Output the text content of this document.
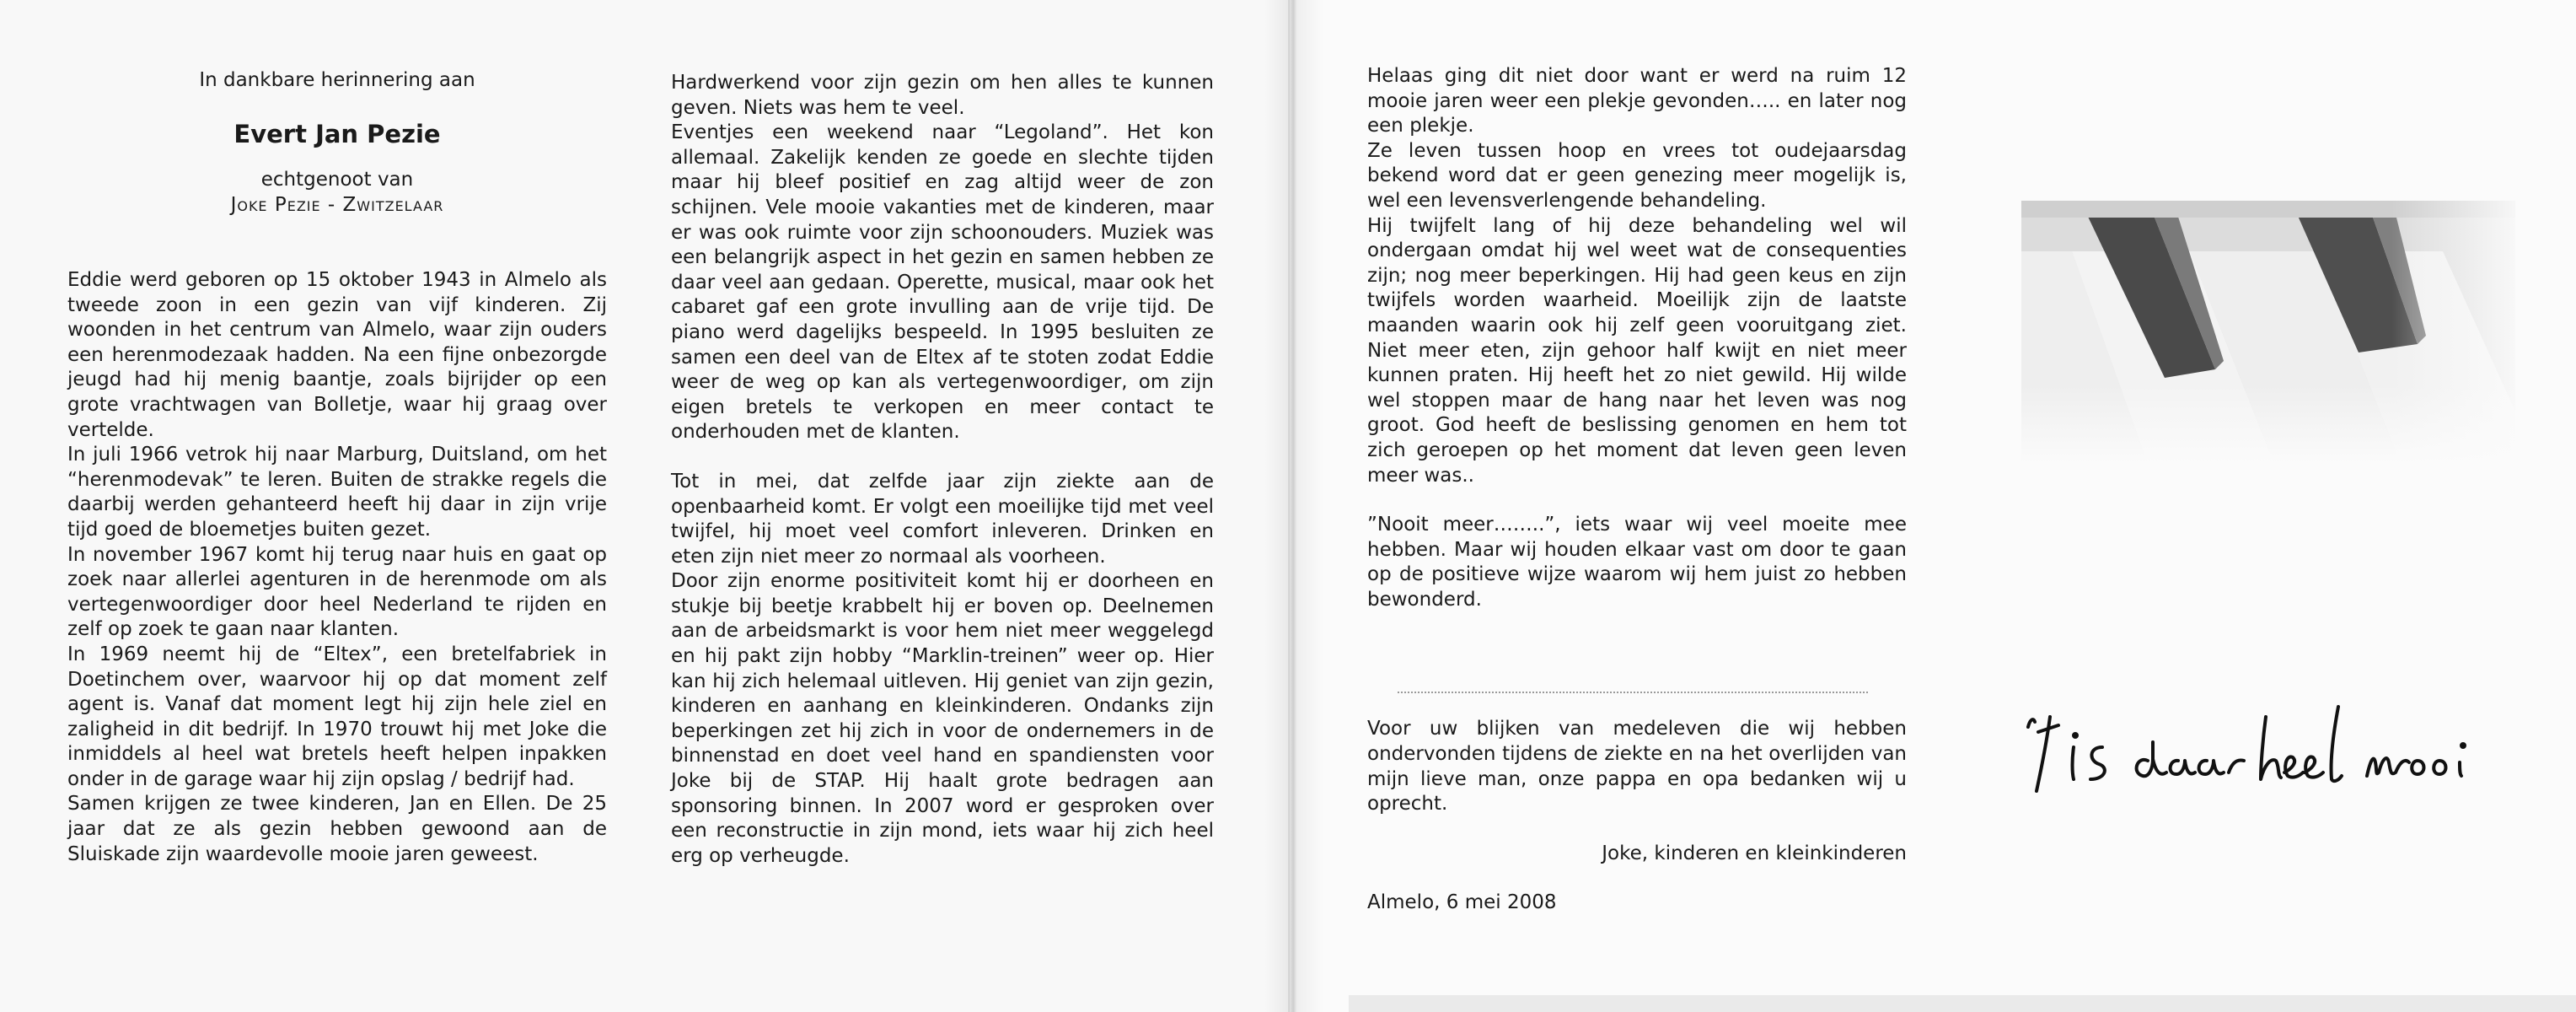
In dankbare herinnering aan
Evert Jan Pezie
echtgenoot van
Joke Pezie - Zwitzelaar

Eddie werd geboren op 15 oktober 1943 in Almelo als tweede zoon in een gezin van vijf kinderen. Zij woonden in het centrum van Almelo, waar zijn ouders een herenmodezaak hadden. Na een fijne onbezorgde jeugd had hij menig baantje, zoals bijrijder op een grote vrachtwagen van Bolletje, waar hij graag over vertelde.

In juli 1966 vetrok hij naar Marburg, Duitsland, om het “herenmodevak” te leren. Buiten de strakke regels die daarbij werden gehanteerd heeft hij daar in zijn vrije tijd goed de bloemetjes buiten gezet.

In november 1967 komt hij terug naar huis en gaat op zoek naar allerlei agenturen in de herenmode om als vertegenwoordiger door heel Nederland te rijden en zelf op zoek te gaan naar klanten.

In 1969 neemt hij de “Eltex”, een bretelfabriek in Doetinchem over, waarvoor hij op dat moment zelf agent is. Vanaf dat moment legt hij zijn hele ziel en zaligheid in dit bedrijf. In 1970 trouwt hij met Joke die inmiddels al heel wat bretels heeft helpen inpakken onder in de garage waar hij zijn opslag / bedrijf had.

Samen krijgen ze twee kinderen, Jan en Ellen. De 25 jaar dat ze als gezin hebben gewoond aan de Sluiskade zijn waardevolle mooie jaren geweest.

Hardwerkend voor zijn gezin om hen alles te kunnen geven. Niets was hem te veel.

Eventjes een weekend naar “Legoland”. Het kon allemaal. Zakelijk kenden ze goede en slechte tijden maar hij bleef positief en zag altijd weer de zon schijnen. Vele mooie vakanties met de kinderen, maar er was ook ruimte voor zijn schoonouders. Muziek was een belangrijk aspect in het gezin en samen hebben ze daar veel aan gedaan. Operette, musical, maar ook het cabaret gaf een grote invulling aan de vrije tijd. De piano werd dagelijks bespeeld. In 1995 besluiten ze samen een deel van de Eltex af te stoten zodat Eddie weer de weg op kan als vertegenwoordiger, om zijn eigen bretels te verkopen en meer contact te onderhouden met de klanten.

Tot in mei, dat zelfde jaar zijn ziekte aan de openbaarheid komt. Er volgt een moeilijke tijd met veel twijfel, hij moet veel comfort inleveren. Drinken en eten zijn niet meer zo normaal als voorheen.

Door zijn enorme positiviteit komt hij er doorheen en stukje bij beetje krabbelt hij er boven op. Deelnemen aan de arbeidsmarkt is voor hem niet meer weggelegd en hij pakt zijn hobby “Marklin-treinen” weer op. Hier kan hij zich helemaal uitleven. Hij geniet van zijn gezin, kinderen en aanhang en kleinkinderen. Ondanks zijn beperkingen zet hij zich in voor de ondernemers in de binnenstad en doet veel hand en spandiensten voor Joke bij de STAP. Hij haalt grote bedragen aan sponsoring binnen. In 2007 word er gesproken over een reconstructie in zijn mond, iets waar hij zich heel erg op verheugde.

Helaas ging dit niet door want er werd na ruim 12 mooie jaren weer een plekje gevonden….. en later nog een plekje.

Ze leven tussen hoop en vrees tot oudejaarsdag bekend word dat er geen genezing meer mogelijk is, wel een levensverlengende behandeling.

Hij twijfelt lang of hij deze behandeling wel wil ondergaan omdat hij wel weet wat de consequenties zijn; nog meer beperkingen. Hij had geen keus en zijn twijfels worden waarheid. Moeilijk zijn de laatste maanden waarin ook hij zelf geen vooruitgang ziet. Niet meer eten, zijn gehoor half kwijt en niet meer kunnen praten. Hij heeft het zo niet gewild. Hij wilde wel stoppen maar de hang naar het leven was nog groot. God heeft de beslissing genomen en hem tot zich geroepen op het moment dat leven geen leven meer was..

”Nooit meer……..”, iets waar wij veel moeite mee hebben. Maar wij houden elkaar vast om door te gaan op de positieve wijze waarom wij hem juist zo hebben bewonderd.

Voor uw blijken van medeleven die wij hebben ondervonden tijdens de ziekte en na het overlijden van mijn lieve man, onze pappa en opa bedanken wij u oprecht.

Joke, kinderen en kleinkinderen

Almelo, 6 mei 2008
